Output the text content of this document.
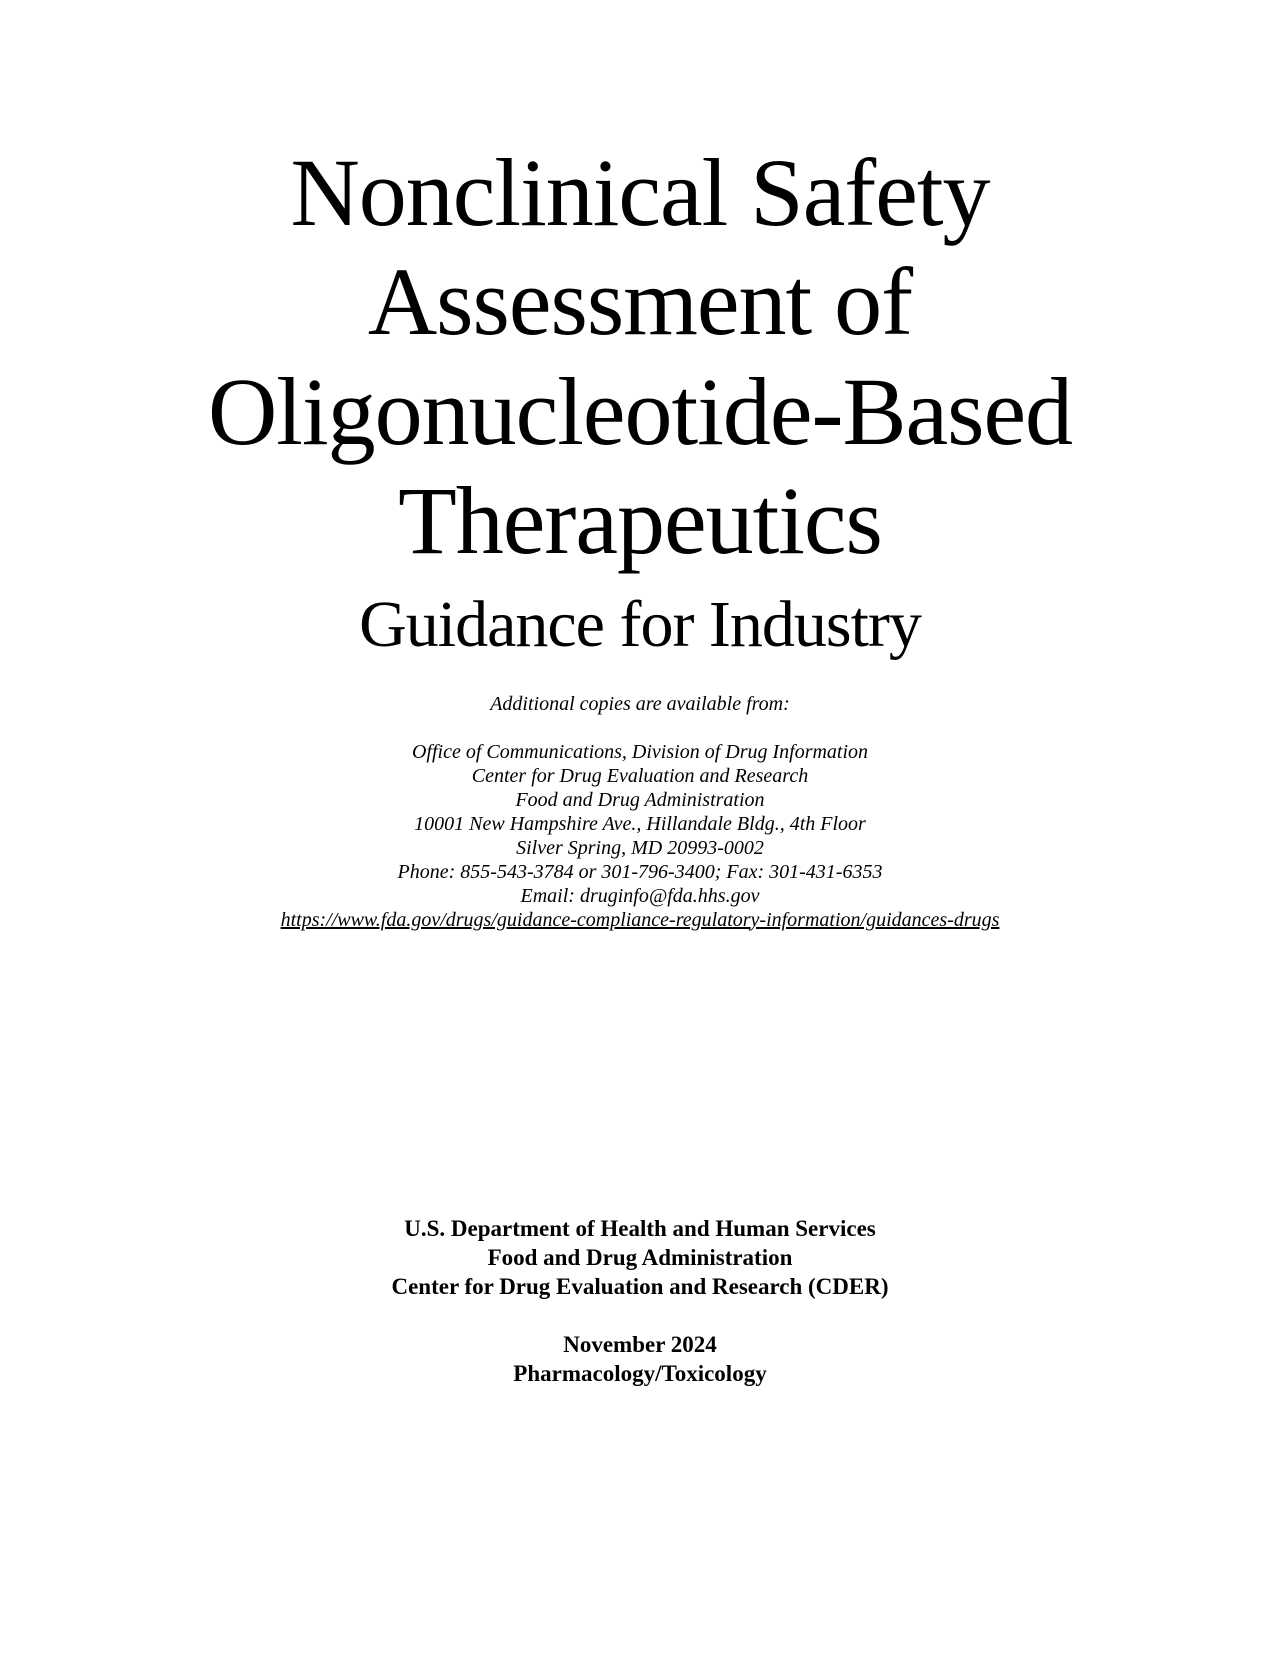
Nonclinical Safety
Assessment of
Oligonucleotide-Based
Therapeutics
Guidance for Industry
Additional copies are available from:
Office of Communications, Division of Drug Information
Center for Drug Evaluation and Research
Food and Drug Administration
10001 New Hampshire Ave., Hillandale Bldg., 4th Floor
Silver Spring, MD 20993-0002
Phone: 855-543-3784 or 301-796-3400; Fax: 301-431-6353
Email: druginfo@fda.hhs.gov
https://www.fda.gov/drugs/guidance-compliance-regulatory-information/guidances-drugs
U.S. Department of Health and Human Services
Food and Drug Administration
Center for Drug Evaluation and Research (CDER)
November 2024
Pharmacology/Toxicology
